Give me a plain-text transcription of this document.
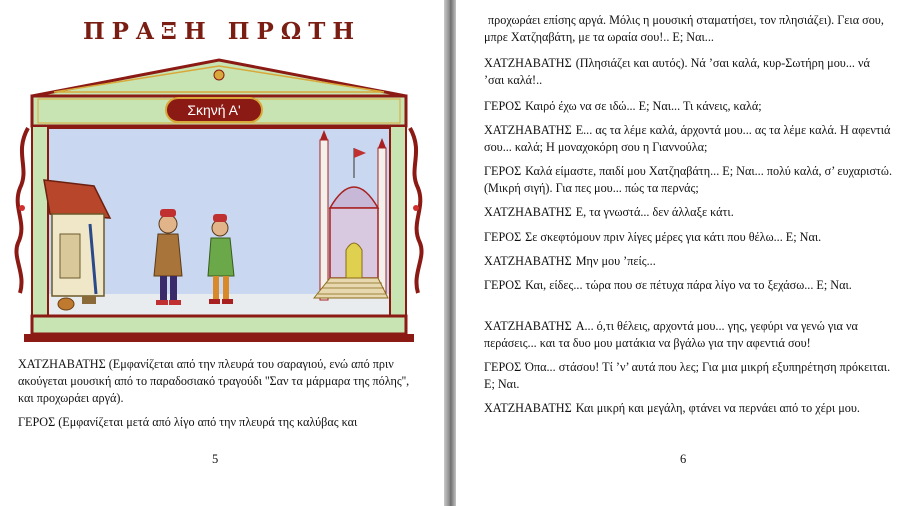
ΠΡΑΞΗ ΠΡΩΤΗ
Σκηνή Α'

ΧΑΤΖΗΑΒΑΤΗΣ (Εμφανίζεται από την πλευρά του σαραγιού, ενώ από πριν ακούγεται μουσική από το παραδοσιακό τραγούδι ''Σαν τα μάρμαρα της πόλης'', και προχωράει αργά).

ΓΕΡΟΣ (Εμφανίζεται μετά από λίγο από την πλευρά της καλύβας και

5

προχωράει επίσης αργά. Μόλις η μουσική σταματήσει, τον πλησιάζει). Γεια σου, μπρε Χατζηαβάτη, με τα ωραία σου!.. Ε; Ναι...

ΧΑΤΖΗΑΒΑΤΗΣ (Πλησιάζει και αυτός). Νά ’σαι καλά, κυρ-Σωτήρη μου... νά ’σαι καλά!..

ΓΕΡΟΣ Καιρό έχω να σε ιδώ... Ε; Ναι... Τι κάνεις, καλά;

ΧΑΤΖΗΑΒΑΤΗΣ Ε... ας τα λέμε καλά, άρχοντά μου... ας τα λέμε καλά. Η αφεντιά σου... καλά; Η μοναχοκόρη σου η Γιαννούλα;

ΓΕΡΟΣ Καλά είμαστε, παιδί μου Χατζηαβάτη... Ε; Ναι... πολύ καλά, σ’ ευχαριστώ. (Μικρή σιγή). Για πες μου... πώς τα περνάς;

ΧΑΤΖΗΑΒΑΤΗΣ Ε, τα γνωστά... δεν άλλαξε κάτι.

ΓΕΡΟΣ Σε σκεφτόμουν πριν λίγες μέρες για κάτι που θέλω... Ε; Ναι.

ΧΑΤΖΗΑΒΑΤΗΣ Μην μου ’πείς...

ΓΕΡΟΣ Και, είδες... τώρα που σε πέτυχα πάρα λίγο να το ξεχάσω... Ε; Ναι.

ΧΑΤΖΗΑΒΑΤΗΣ Α... ό,τι θέλεις, αρχοντά μου... γης, γεφύρι να γενώ για να περάσεις... και τα δυο μου ματάκια να βγάλω για την αφεντιά σου!

ΓΕΡΟΣ Όπα... στάσου! Τί ’ν’ αυτά που λες; Για μια μικρή εξυπηρέτηση πρόκειται. Ε; Ναι.

ΧΑΤΖΗΑΒΑΤΗΣ Και μικρή και μεγάλη, φτάνει να περνάει από το χέρι μου.

6
